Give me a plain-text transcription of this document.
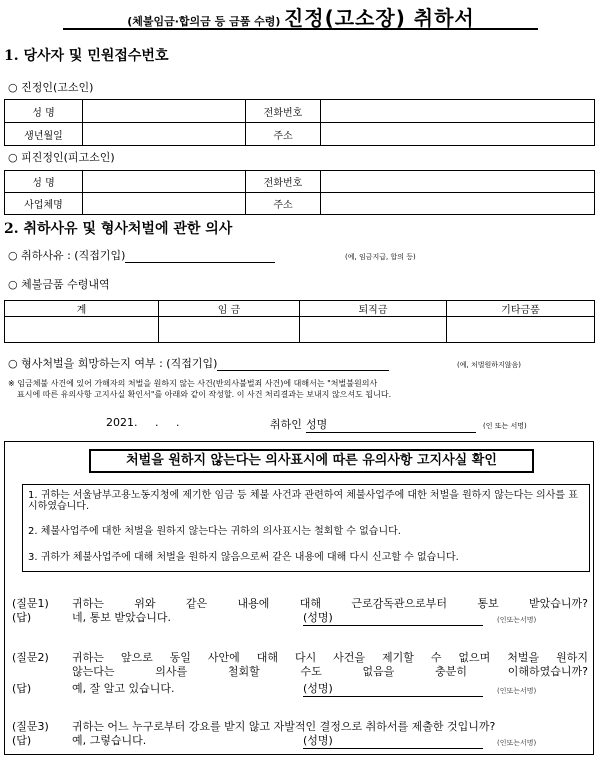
(체불임금·합의금 등 금품 수령) 진정(고소장) 취하서
1. 당사자 및 민원접수번호
○ 진정인(고소인)
성 명		전화번호	
생년월일		주소	
○ 피진정인(피고소인)
성 명		전화번호	
사업체명		주소	
2. 취하사유 및 형사처벌에 관한 의사
○ 취하사유 : (직접기입)	(예, 임금지급, 합의 등)
○ 체불금품 수령내역
계	임 금	퇴직금	기타금품

○ 형사처벌을 희망하는지 여부 : (직접기입)	(예, 처벌원하지않음)
※ 임금체불 사건에 있어 가해자의 처벌을 원하지 않는 사건(반의사불벌죄 사건)에 대해서는 "처벌불원의사
표시에 따른 유의사항 고지사실 확인서"를 아래와 같이 작성할. 이 사건 처리결과는 보내지 않으셔도 됩니다.
2021.     .     .	취하인 성명	(인 또는 서명)
처벌을 원하지 않는다는 의사표시에 따른 유의사항 고지사실 확인
1. 귀하는 서울남부고용노동지청에 제기한 임금 등 체불 사건과 관련하여 체불사업주에 대한 처벌을 원하지 않는다는 의사를 표시하였습니다.
2. 체불사업주에 대한 처벌을 원하지 않는다는 귀하의 의사표시는 철회할 수 없습니다.
3. 귀하가 체불사업주에 대해 처벌을 원하지 않음으로써 같은 내용에 대해 다시 신고할 수 없습니다.
(질문1) 귀하는 위와 같은 내용에 대해 근로감독관으로부터 통보 받았습니까?
(답)	네, 통보 받았습니다.	(성명)	(인또는서명)
(질문2) 귀하는 앞으로 동일 사안에 대해 다시 사건을 제기할 수 없으며 처벌을 원하지
않는다는 의사를 철회할 수도 없음을 충분히 이해하였습니까?
(답)	예, 잘 알고 있습니다.	(성명)	(인또는서명)
(질문3) 귀하는 어느 누구로부터 강요를 받지 않고 자발적인 결정으로 취하서를 제출한 것입니까?
(답)	예, 그렇습니다.	(성명)	(인또는서명)
